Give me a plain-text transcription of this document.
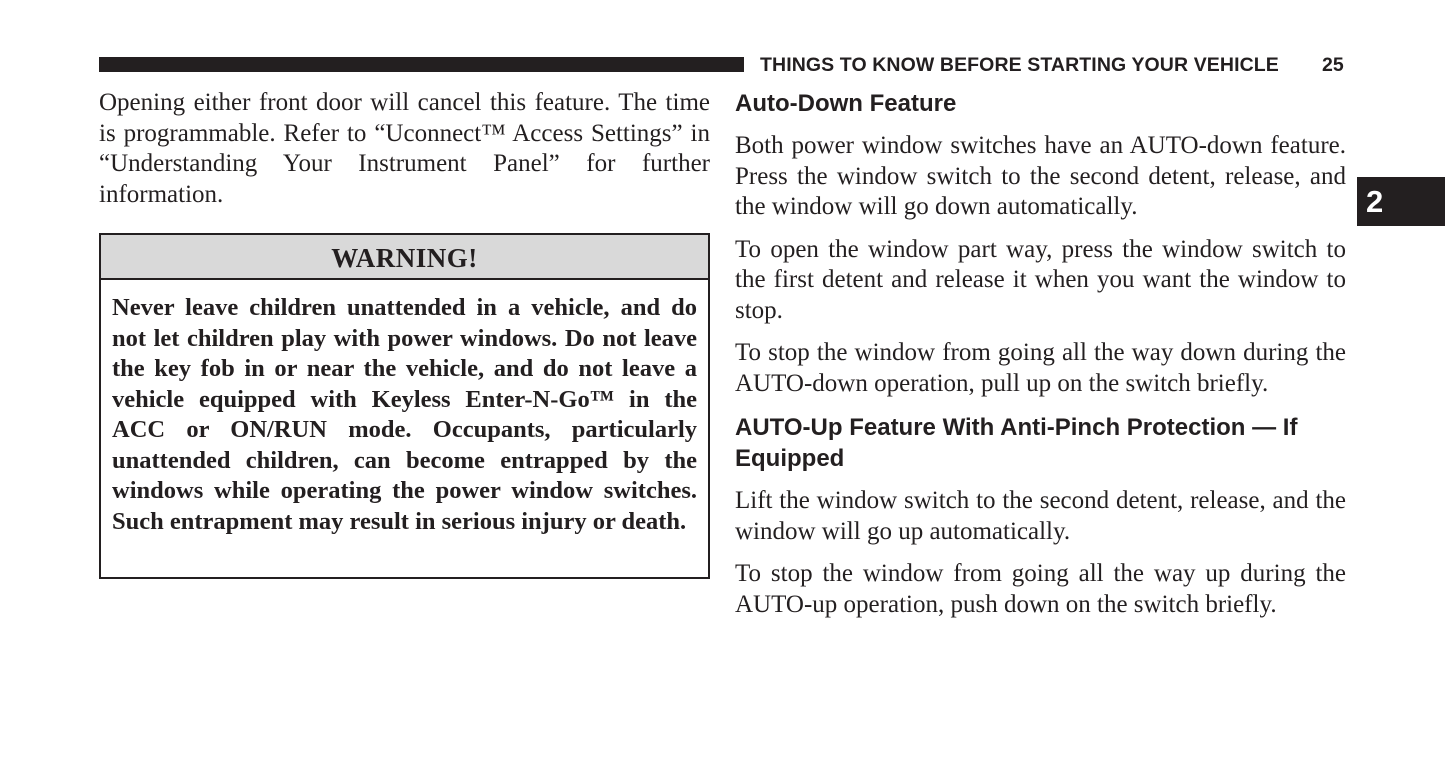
THINGS TO KNOW BEFORE STARTING YOUR VEHICLE 25
2

Opening either front door will cancel this feature. The time is programmable. Refer to “Uconnect™ Access Settings” in “Understanding Your Instrument Panel” for further information.

WARNING!

Never leave children unattended in a vehicle, and do not let children play with power windows. Do not leave the key fob in or near the vehicle, and do not leave a vehicle equipped with Keyless Enter-N-Go™ in the ACC or ON/RUN mode. Occupants, particularly unattended children, can become entrapped by the windows while operating the power window switches. Such entrapment may result in serious injury or death.

Auto-Down Feature

Both power window switches have an AUTO-down feature. Press the window switch to the second detent, release, and the window will go down automatically.

To open the window part way, press the window switch to the first detent and release it when you want the window to stop.

To stop the window from going all the way down during the AUTO-down operation, pull up on the switch briefly.

AUTO-Up Feature With Anti-Pinch Protection — If Equipped

Lift the window switch to the second detent, release, and the window will go up automatically.

To stop the window from going all the way up during the AUTO-up operation, push down on the switch briefly.
